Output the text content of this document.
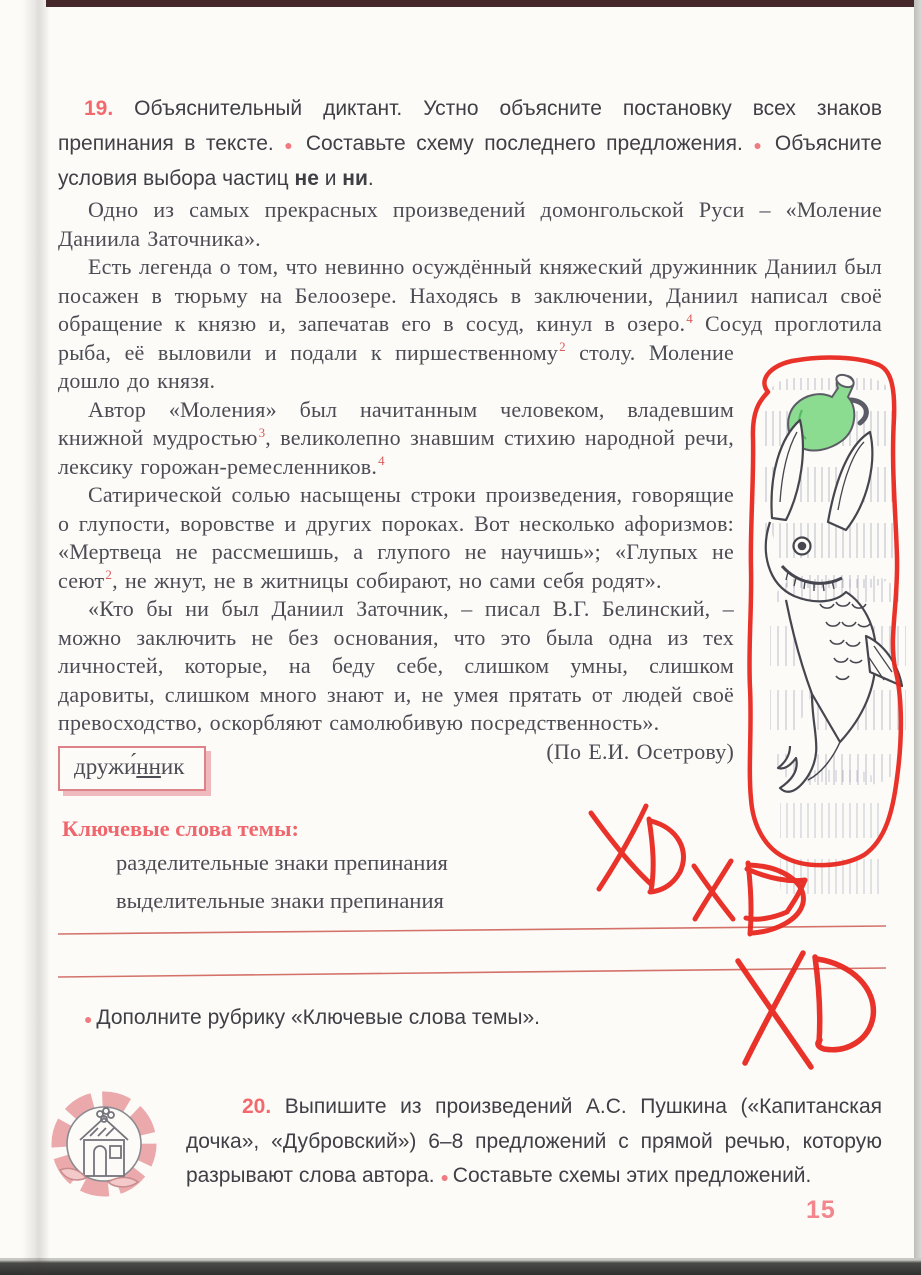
19. Объяснительный диктант. Устно объясните постановку всех знаков препинания в тексте. ● Составьте схему последнего предложения. ● Объясните условия выбора частиц не и ни.

Одно из самых прекрасных произведений домонгольской Руси – «Моление Даниила Заточника».

Есть легенда о том, что невинно осуждённый княжеский дружинник Даниил был посажен в тюрьму на Белоозере. Находясь в заключении, Даниил написал своё обращение к князю и, запечатав его в сосуд, кинул в озеро.$^4$ Сосуд проглотила рыба, её выловили и подали к пиршественному$^2$ столу. Моление дошло до князя.

Автор «Моления» был начитанным человеком, владевшим книжной мудростью$^3$, великолепно знавшим стихию народной речи, лексику горожан-ремесленников.$^4$

Сатирической солью насыщены строки произведения, говорящие о глупости, воровстве и других пороках. Вот несколько афоризмов: «Мертвеца не рассмешишь, а глупого не научишь»; «Глупых не сеют$^2$, не жнут, не в житницы собирают, но сами себя родят».

«Кто бы ни был Даниил Заточник, – писал В.Г. Белинский, – можно заключить не без основания, что это была одна из тех личностей, которые, на беду себе, слишком умны, слишком даровиты, слишком много знают и, не умея прятать от людей своё превосходство, оскорбляют самолюбивую посредственность».

(По Е.И. Осетрову)
дружи́нник
Ключевые слова темы:
разделительные знаки препинания
выделительные знаки препинания
● Дополните рубрику «Ключевые слова темы».
20. Выпишите из произведений А.С. Пушкина («Капитанская дочка», «Дубровский») 6–8 предложений с прямой речью, которую разрывают слова автора. ● Составьте схемы этих предложений.
15
